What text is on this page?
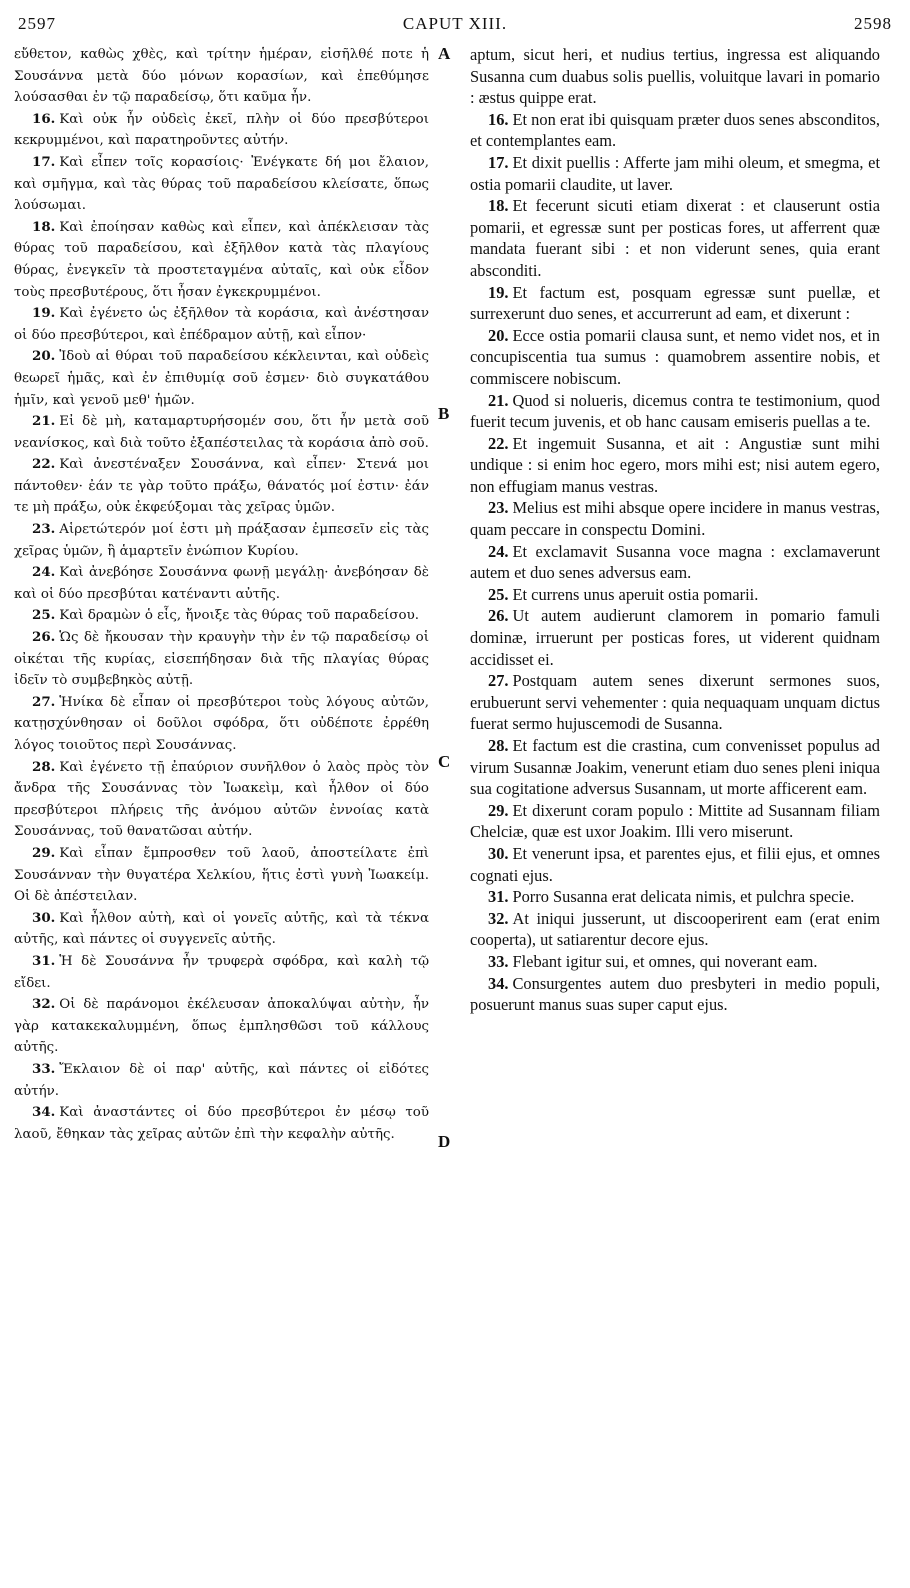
2597	CAPUT XIII.	2598

εὔθετον, καθὼς χθὲς, καὶ τρίτην ἡμέραν, εἰσῆλθέ ποτε ἡ Σουσάννα μετὰ δύο μόνων κορασίων, καὶ ἐπεθύμησε λούσασθαι ἐν τῷ παραδείσῳ, ὅτι καῦμα ἦν.

16. Καὶ οὐκ ἦν οὐδεὶς ἐκεῖ, πλὴν οἱ δύο πρεσβύτεροι κεκρυμμένοι, καὶ παρατηροῦντες αὐτήν.

17. Καὶ εἶπεν τοῖς κορασίοις· Ἐνέγκατε δή μοι ἔλαιον, καὶ σμῆγμα, καὶ τὰς θύρας τοῦ παραδείσου κλείσατε, ὅπως λούσωμαι.

18. Καὶ ἐποίησαν καθὼς καὶ εἶπεν, καὶ ἀπέκλεισαν τὰς θύρας τοῦ παραδείσου, καὶ ἐξῆλθον κατὰ τὰς πλαγίους θύρας, ἐνεγκεῖν τὰ προστεταγμένα αὐταῖς, καὶ οὐκ εἶδον τοὺς πρεσβυτέρους, ὅτι ἦσαν ἐγκεκρυμμένοι.

19. Καὶ ἐγένετο ὡς ἐξῆλθον τὰ κοράσια, καὶ ἀνέστησαν οἱ δύο πρεσβύτεροι, καὶ ἐπέδραμον αὐτῇ, καὶ εἶπον·

20. Ἰδοὺ αἱ θύραι τοῦ παραδείσου κέκλεινται, καὶ οὐδεὶς θεωρεῖ ἡμᾶς, καὶ ἐν ἐπιθυμίᾳ σοῦ ἐσμεν· διὸ συγκατάθου ἡμῖν, καὶ γενοῦ μεθ' ἡμῶν.

21. Εἰ δὲ μὴ, καταμαρτυρήσομέν σου, ὅτι ἦν μετὰ σοῦ νεανίσκος, καὶ διὰ τοῦτο ἐξαπέστειλας τὰ κοράσια ἀπὸ σοῦ.

22. Καὶ ἀνεστέναξεν Σουσάννα, καὶ εἶπεν· Στενά μοι πάντοθεν· ἐάν τε γὰρ τοῦτο πράξω, θάνατός μοί ἐστιν· ἐάν τε μὴ πράξω, οὐκ ἐκφεύξομαι τὰς χεῖρας ὑμῶν.

23. Αἱρετώτερόν μοί ἐστι μὴ πράξασαν ἐμπεσεῖν εἰς τὰς χεῖρας ὑμῶν, ἢ ἁμαρτεῖν ἐνώπιον Κυρίου.

24. Καὶ ἀνεβόησε Σουσάννα φωνῇ μεγάλῃ· ἀνεβόησαν δὲ καὶ οἱ δύο πρεσβύται κατέναντι αὐτῆς.

25. Καὶ δραμὼν ὁ εἷς, ἤνοιξε τὰς θύρας τοῦ παραδείσου.

26. Ὡς δὲ ἤκουσαν τὴν κραυγὴν τὴν ἐν τῷ παραδείσῳ οἱ οἰκέται τῆς κυρίας, εἰσεπήδησαν διὰ τῆς πλαγίας θύρας ἰδεῖν τὸ συμβεβηκὸς αὐτῇ.

27. Ἡνίκα δὲ εἶπαν οἱ πρεσβύτεροι τοὺς λόγους αὐτῶν, κατῃσχύνθησαν οἱ δοῦλοι σφόδρα, ὅτι οὐδέποτε ἐρρέθη λόγος τοιοῦτος περὶ Σουσάννας.

28. Καὶ ἐγένετο τῇ ἐπαύριον συνῆλθον ὁ λαὸς πρὸς τὸν ἄνδρα τῆς Σουσάννας τὸν Ἰωακεὶμ, καὶ ἦλθον οἱ δύο πρεσβύτεροι πλήρεις τῆς ἀνόμου αὐτῶν ἐννοίας κατὰ Σουσάννας, τοῦ θανατῶσαι αὐτήν.

29. Καὶ εἶπαν ἔμπροσθεν τοῦ λαοῦ, ἀποστείλατε ἐπὶ Σουσάνναν τὴν θυγατέρα Χελκίου, ἥτις ἐστὶ γυνὴ Ἰωακείμ. Οἱ δὲ ἀπέστειλαν.

30. Καὶ ἦλθον αὐτὴ, καὶ οἱ γονεῖς αὐτῆς, καὶ τὰ τέκνα αὐτῆς, καὶ πάντες οἱ συγγενεῖς αὐτῆς.

31. Ἡ δὲ Σουσάννα ἦν τρυφερὰ σφόδρα, καὶ καλὴ τῷ εἴδει.

32. Οἱ δὲ παράνομοι ἐκέλευσαν ἀποκαλύψαι αὐτὴν, ἦν γὰρ κατακεκαλυμμένη, ὅπως ἐμπλησθῶσι τοῦ κάλλους αὐτῆς.

33. Ἔκλαιον δὲ οἱ παρ' αὐτῆς, καὶ πάντες οἱ εἰδότες αὐτήν.

34. Καὶ ἀναστάντες οἱ δύο πρεσβύτεροι ἐν μέσῳ τοῦ λαοῦ, ἔθηκαν τὰς χεῖρας αὐτῶν ἐπὶ τὴν κεφαλὴν αὐτῆς.

aptum, sicut heri, et nudius tertius, ingressa est aliquando Susanna cum duabus solis puellis, voluitque lavari in pomario : æstus quippe erat.

16. Et non erat ibi quisquam præter duos senes absconditos, et contemplantes eam.

17. Et dixit puellis : Afferte jam mihi oleum, et smegma, et ostia pomarii claudite, ut laver.

18. Et fecerunt sicuti etiam dixerat : et clauserunt ostia pomarii, et egressæ sunt per posticas fores, ut afferrent quæ mandata fuerant sibi : et non viderunt senes, quia erant absconditi.

19. Et factum est, posquam egressæ sunt puellæ, et surrexerunt duo senes, et accurrerunt ad eam, et dixerunt :

20. Ecce ostia pomarii clausa sunt, et nemo videt nos, et in concupiscentia tua sumus : quamobrem assentire nobis, et commiscere nobiscum.

21. Quod si nolueris, dicemus contra te testimonium, quod fuerit tecum juvenis, et ob hanc causam emiseris puellas a te.

22. Et ingemuit Susanna, et ait : Angustiæ sunt mihi undique : si enim hoc egero, mors mihi est; nisi autem egero, non effugiam manus vestras.

23. Melius est mihi absque opere incidere in manus vestras, quam peccare in conspectu Domini.

24. Et exclamavit Susanna voce magna : exclamaverunt autem et duo senes adversus eam.

25. Et currens unus aperuit ostia pomarii.

26. Ut autem audierunt clamorem in pomario famuli dominæ, irruerunt per posticas fores, ut viderent quidnam accidisset ei.

27. Postquam autem senes dixerunt sermones suos, erubuerunt servi vehementer : quia nequaquam unquam dictus fuerat sermo hujuscemodi de Susanna.

28. Et factum est die crastina, cum convenisset populus ad virum Susannæ Joakim, venerunt etiam duo senes pleni iniqua sua cogitatione adversus Susannam, ut morte afficerent eam.

29. Et dixerunt coram populo : Mittite ad Susannam filiam Chelciæ, quæ est uxor Joakim. Illi vero miserunt.

30. Et venerunt ipsa, et parentes ejus, et filii ejus, et omnes cognati ejus.

31. Porro Susanna erat delicata nimis, et pulchra specie.

32. At iniqui jusserunt, ut discooperirent eam (erat enim cooperta), ut satiarentur decore ejus.

33. Flebant igitur sui, et omnes, qui noverant eam.

34. Consurgentes autem duo presbyteri in medio populi, posuerunt manus suas super caput ejus.

A
B
C
D
